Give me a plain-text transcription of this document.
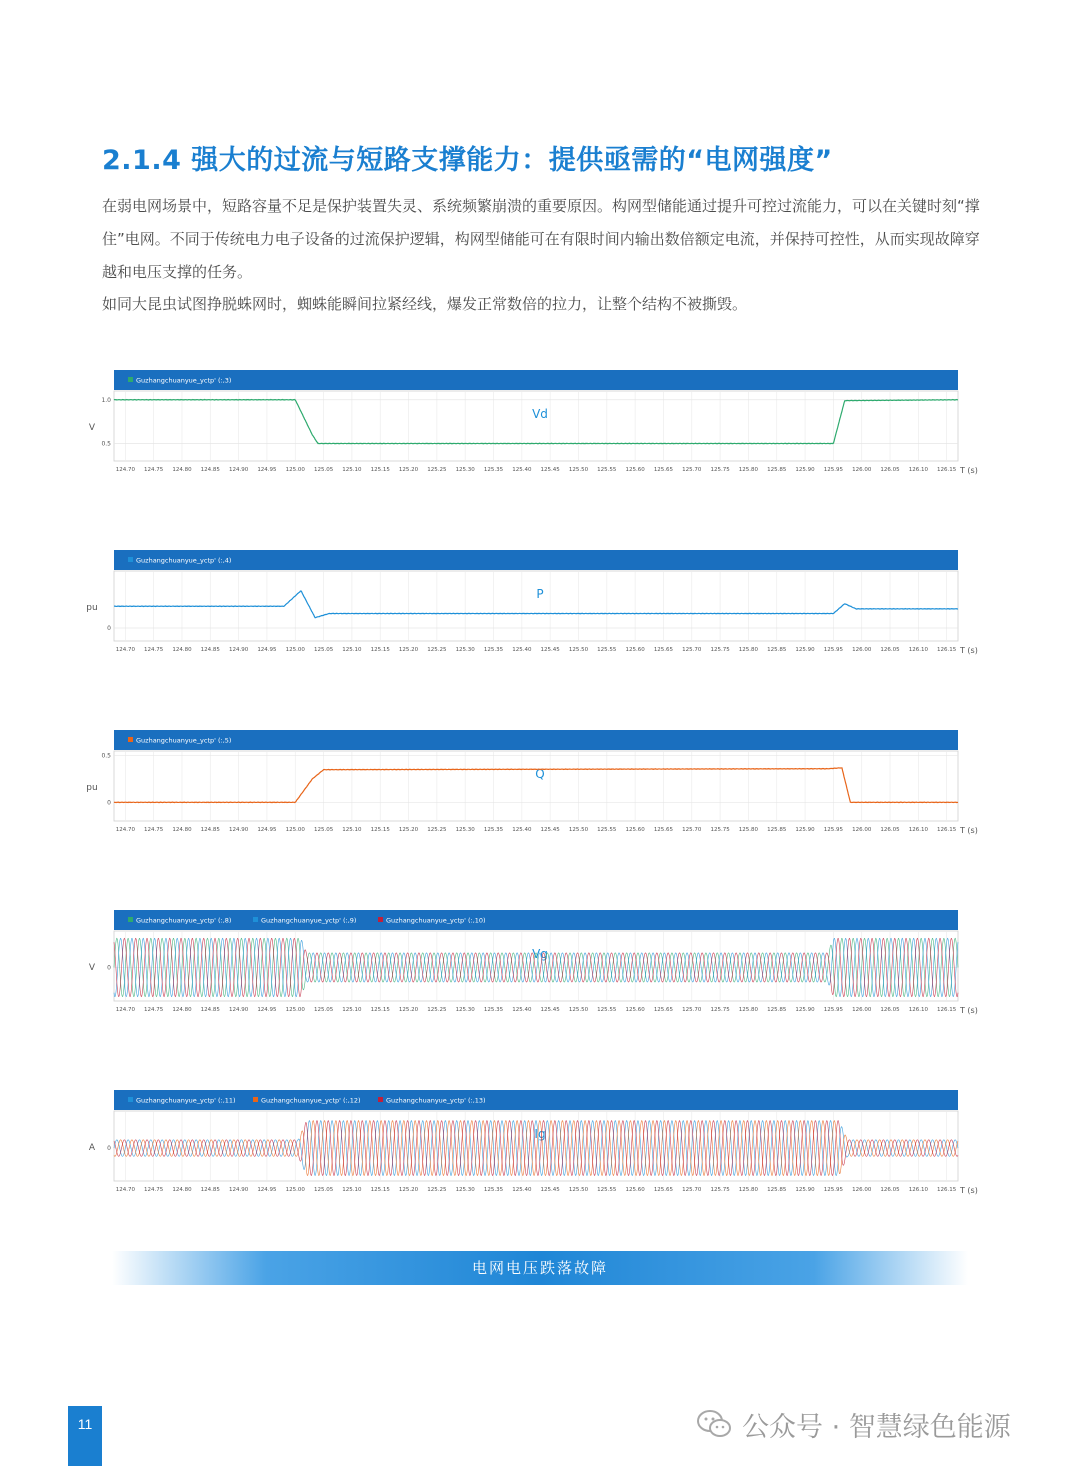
2.1.4 强大的过流与短路支撑能力：提供亟需的“电网强度”
在弱电网场景中，短路容量不足是保护装置失灵、系统频繁崩溃的重要原因。构网型储能通过提升可控过流能力，可以在关键时刻“撑住”电网。不同于传统电力电子设备的过流保护逻辑，构网型储能可在有限时间内输出数倍额定电流，并保持可控性，从而实现故障穿越和电压支撑的任务。
如同大昆虫试图挣脱蛛网时，蜘蛛能瞬间拉紧经线，爆发正常数倍的拉力，让整个结构不被撕毁。
Guzhangchuanyue_yctp' (:,3)
1.0
0.5
V
124.70 124.75 124.80 124.85 124.90 124.95 125.00 125.05 125.10 125.15 125.20 125.25 125.30 125.35 125.40 125.45 125.50 125.55 125.60 125.65 125.70 125.75 125.80 125.85 125.90 125.95 126.00 126.05 126.10 126.15 T (s)
Vd
Guzhangchuanyue_yctp' (:,4)
0
pu
124.70 124.75 124.80 124.85 124.90 124.95 125.00 125.05 125.10 125.15 125.20 125.25 125.30 125.35 125.40 125.45 125.50 125.55 125.60 125.65 125.70 125.75 125.80 125.85 125.90 125.95 126.00 126.05 126.10 126.15 T (s)
P
Guzhangchuanyue_yctp' (:,5)
0.5
0
pu
124.70 124.75 124.80 124.85 124.90 124.95 125.00 125.05 125.10 125.15 125.20 125.25 125.30 125.35 125.40 125.45 125.50 125.55 125.60 125.65 125.70 125.75 125.80 125.85 125.90 125.95 126.00 126.05 126.10 126.15 T (s)
Q
Guzhangchuanyue_yctp' (:,8)	Guzhangchuanyue_yctp' (:,9)	Guzhangchuanyue_yctp' (:,10)
0
V
124.70 124.75 124.80 124.85 124.90 124.95 125.00 125.05 125.10 125.15 125.20 125.25 125.30 125.35 125.40 125.45 125.50 125.55 125.60 125.65 125.70 125.75 125.80 125.85 125.90 125.95 126.00 126.05 126.10 126.15 T (s)
Vg
Guzhangchuanyue_yctp' (:,11)	Guzhangchuanyue_yctp' (:,12)	Guzhangchuanyue_yctp' (:,13)
0
A
124.70 124.75 124.80 124.85 124.90 124.95 125.00 125.05 125.10 125.15 125.20 125.25 125.30 125.35 125.40 125.45 125.50 125.55 125.60 125.65 125.70 125.75 125.80 125.85 125.90 125.95 126.00 126.05 126.10 126.15 T (s)
Ig
电网电压跌落故障
11	公众号 · 智慧绿色能源
